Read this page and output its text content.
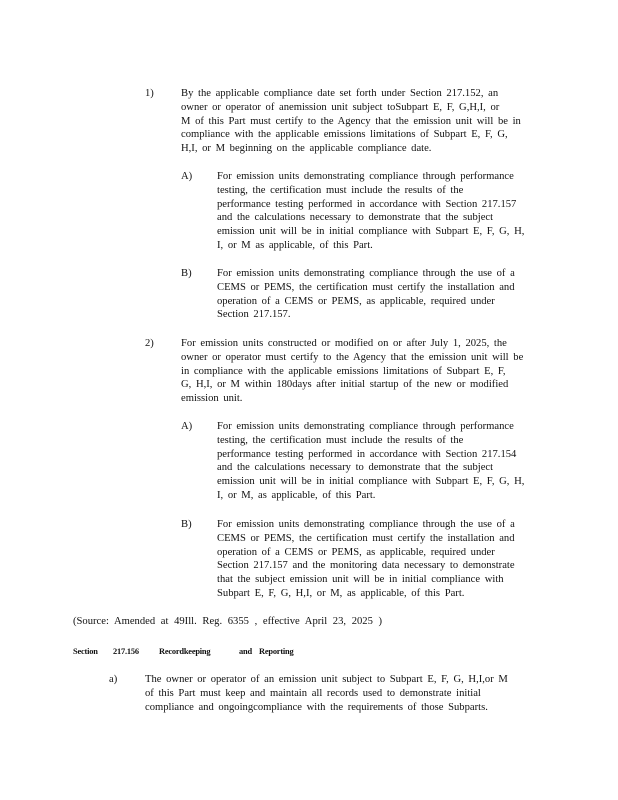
1)	By the applicable compliance date set forth under Section 217.152, an
owner or operator of anemission unit subject toSubpart E, F, G,H,I, or
M of this Part must certify to the Agency that the emission unit will be in
compliance with the applicable emissions limitations of Subpart E, F, G,
H,I, or M beginning on the applicable compliance date.
A) For emission units demonstrating compliance through performance
testing, the certification must include the results of the
performance testing performed in accordance with Section 217.157
and the calculations necessary to demonstrate that the subject
emission unit will be in initial compliance with Subpart E, F, G, H,
I, or M as applicable, of this Part.
B) For emission units demonstrating compliance through the use of a
CEMS or PEMS, the certification must certify the installation and
operation of a CEMS or PEMS, as applicable, required under
Section 217.157.
2)	For emission units constructed or modified on or after July 1, 2025, the
owner or operator must certify to the Agency that the emission unit will be
in compliance with the applicable emissions limitations of Subpart E, F,
G, H,I, or M within 180days after initial startup of the new or modified
emission unit.
A) For emission units demonstrating compliance through performance
testing, the certification must include the results of the
performance testing performed in accordance with Section 217.154
and the calculations necessary to demonstrate that the subject
emission unit will be in initial compliance with Subpart E, F, G, H,
I, or M, as applicable, of this Part.
B) For emission units demonstrating compliance through the use of a
CEMS or PEMS, the certification must certify the installation and
operation of a CEMS or PEMS, as applicable, required under
Section 217.157 and the monitoring data necessary to demonstrate
that the subject emission unit will be in initial compliance with
Subpart E, F, G, H,I, or M, as applicable, of this Part.
(Source: Amended at 49Ill. Reg. 6355 , effective April 23, 2025 )
Section 217.156 Recordkeeping	and Reporting
a)	The owner or operator of an emission unit subject to Subpart E, F, G, H,I,or M
of this Part must keep and maintain all records used to demonstrate initial
compliance and ongoingcompliance with the requirements of those Subparts.
